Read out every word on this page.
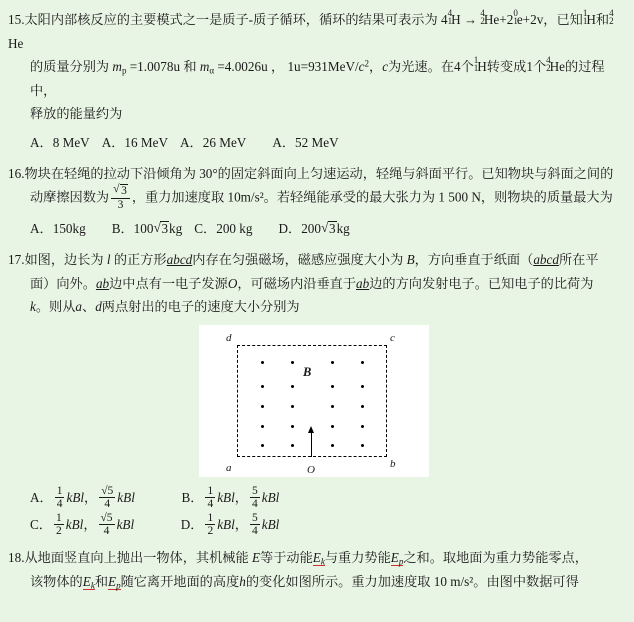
15.太阳内部核反应的主要模式之一是质子-质子循环，循环的结果可表示为 4 4
1 H → 4
2 He+2 0
1 e+2v，已知 1
1 H和 4
2
He
的质量分别为 $m_p =1.0078u$ 和 $m_\alpha =4.0026u$ ， $1u=931MeV/c^2$，c为光速。在4个 1
1 H转变成1个 4
2 He的过程中，
释放的能量约为
A．8 MeV A．16 MeV A．26 MeV A．52 MeV
16.物块在轻绳的拉动下沿倾角为 30°的固定斜面向上匀速运动，轻绳与斜面平行。已知物块与斜面之间的
动摩擦因数为 √ $\frac{3}{3}$ ，重力加速度取 10m/s²。若轻绳能承受的最大张力为 1 500 N，则物块的质量最大为
A．150kg B．100 √ 3kg C．200 kg D．200 √ 3kg
17.如图，边长为 l 的正方形abcd内存在匀强磁场，磁感应强度大小为 B，方向垂直于纸面（abcd所在平
面）向外。ab边中点有一电子发源O，可磁场内沿垂直于ab边的方向发射电子。已知电子的比荷为
k。则从a、d两点射出的电子的速度大小分别为
d	c
a	b
B
O
A． $\frac{1}{4}$ kBl， $\frac{√5}{4}$ kBl	B． $\frac{1}{4}$ kBl， $\frac{5}{4}$ kBl
C． $\frac{1}{2}$ kBl， $\frac{√5}{4}$ kBl	D． $\frac{1}{2}$ kBl， $\frac{5}{4}$ kBl
18.从地面竖直向上抛出一物体，其机械能 E等于动能$E_k$与重力势能$E_p$之和。取地面为重力势能零点，
该物体的$E_k$和$E_p$随它离开地面的高度h的变化如图所示。重力加速度取 10 m/s²。由图中数据可得
